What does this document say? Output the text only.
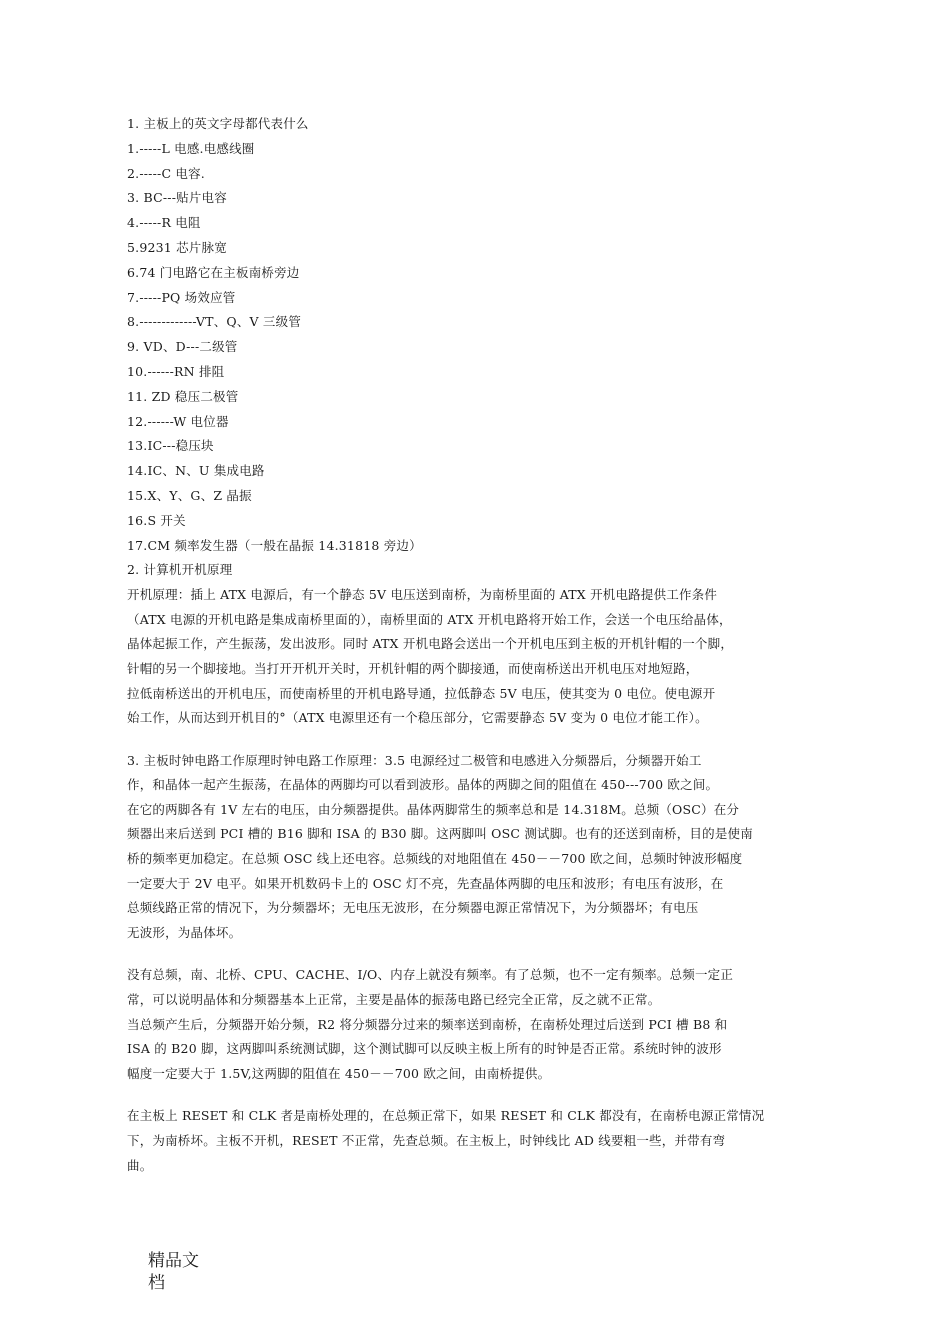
1. 主板上的英文字母都代表什么
1.-----L 电感.电感线圈
2.-----C 电容.
3. BC---贴片电容
4.-----R 电阻
5.9231 芯片脉宽
6.74 门电路它在主板南桥旁边
7.-----PQ 场效应管
8.-------------VT、Q、V 三级管
9. VD、D---二级管
10.------RN 排阻
11. ZD 稳压二极管
12.------W 电位器
13.IC---稳压块
14.IC、N、U 集成电路
15.X、Y、G、Z 晶振
16.S 开关
17.CM 频率发生器（一般在晶振 14.31818 旁边）
2. 计算机开机原理
开机原理：插上 ATX 电源后，有一个静态 5V 电压送到南桥，为南桥里面的 ATX 开机电路提供工作条件
（ATX 电源的开机电路是集成南桥里面的），南桥里面的 ATX 开机电路将开始工作，会送一个电压给晶体，
晶体起振工作，产生振荡，发出波形。同时 ATX 开机电路会送出一个开机电压到主板的开机针帽的一个脚，
针帽的另一个脚接地。当打开开机开关时，开机针帽的两个脚接通，而使南桥送出开机电压对地短路，
拉低南桥送出的开机电压，而使南桥里的开机电路导通，拉低静态 5V 电压，使其变为 0 电位。使电源开
始工作，从而达到开机目的°（ATX 电源里还有一个稳压部分，它需要静态 5V 变为 0 电位才能工作）。
3. 主板时钟电路工作原理时钟电路工作原理：3.5 电源经过二极管和电感进入分频器后，分频器开始工
作，和晶体一起产生振荡，在晶体的两脚均可以看到波形。晶体的两脚之间的阻值在 450---700 欧之间。
在它的两脚各有 1V 左右的电压，由分频器提供。晶体两脚常生的频率总和是 14.318M。总频（OSC）在分
频器出来后送到 PCI 槽的 B16 脚和 ISA 的 B30 脚。这两脚叫 OSC 测试脚。也有的还送到南桥，目的是使南
桥的频率更加稳定。在总频 OSC 线上还电容。总频线的对地阻值在 450－－700 欧之间，总频时钟波形幅度
一定要大于 2V 电平。如果开机数码卡上的 OSC 灯不亮，先查晶体两脚的电压和波形；有电压有波形，在
总频线路正常的情况下，为分频器坏；无电压无波形，在分频器电源正常情况下，为分频器坏；有电压
无波形，为晶体坏。
没有总频，南、北桥、CPU、CACHE、I/O、内存上就没有频率。有了总频，也不一定有频率。总频一定正
常，可以说明晶体和分频器基本上正常，主要是晶体的振荡电路已经完全正常，反之就不正常。
当总频产生后，分频器开始分频，R2 将分频器分过来的频率送到南桥，在南桥处理过后送到 PCI 槽 B8 和
ISA 的 B20 脚，这两脚叫系统测试脚，这个测试脚可以反映主板上所有的时钟是否正常。系统时钟的波形
幅度一定要大于 1.5V,这两脚的阻值在 450－－700 欧之间，由南桥提供。
在主板上 RESET 和 CLK 者是南桥处理的，在总频正常下，如果 RESET 和 CLK 都没有，在南桥电源正常情况
下，为南桥坏。主板不开机，RESET 不正常，先查总频。在主板上，时钟线比 AD 线要粗一些，并带有弯
曲。
精品文
档
